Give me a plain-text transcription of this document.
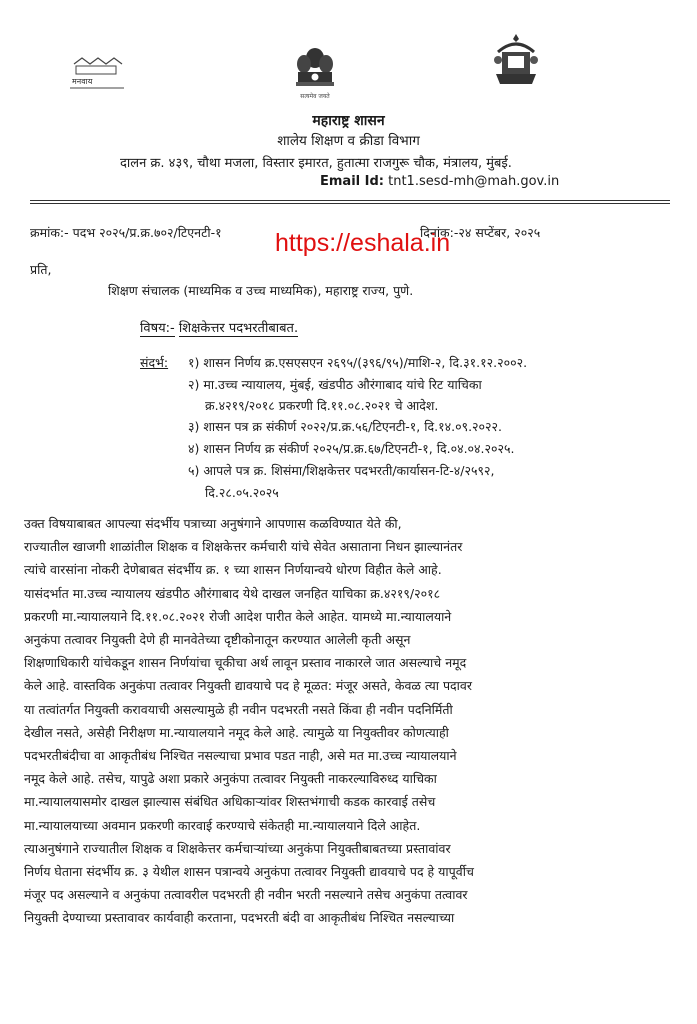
मनवाय
सत्यमेव जयते
महाराष्ट्र शासन
शालेय शिक्षण व क्रीडा विभाग
दालन क्र. ४३९, चौथा मजला, विस्तार इमारत, हुतात्मा राजगुरू चौक, मंत्रालय, मुंबई.
Email Id: tnt1.sesd-mh@mah.gov.in
क्रमांक:- पदभ २०२५/प्र.क्र.७०२/टिएनटी-१	दिनांक:-२४ सप्टेंबर, २०२५
https://eshala.in
प्रति,
शिक्षण संचालक (माध्यमिक व उच्च माध्यमिक), महाराष्ट्र राज्य, पुणे.
विषय:- शिक्षकेत्तर पदभरतीबाबत.
संदर्भ: १) शासन निर्णय क्र.एसएसएन २६९५/(३९६/९५)/माशि-२, दि.३१.१२.२००२.
२) मा.उच्च न्यायालय, मुंबई, खंडपीठ औरंगाबाद यांचे रिट याचिका
क्र.४२१९/२०१८ प्रकरणी दि.११.०८.२०२१ चे आदेश.
३) शासन पत्र क्र संकीर्ण २०२२/प्र.क्र.५६/टिएनटी-१, दि.१४.०९.२०२२.
४) शासन निर्णय क्र संकीर्ण २०२५/प्र.क्र.६७/टिएनटी-१, दि.०४.०४.२०२५.
५) आपले पत्र क्र. शिसंमा/शिक्षकेत्तर पदभरती/कार्यासन-टि-४/२५९२,
दि.२८.०५.२०२५
उक्त विषयाबाबत आपल्या संदर्भीय पत्राच्या अनुषंगाने आपणास कळविण्यात येते की,
राज्यातील खाजगी शाळांतील शिक्षक व शिक्षकेत्तर कर्मचारी यांचे सेवेत असाताना निधन झाल्यानंतर
त्यांचे वारसांना नोकरी देणेबाबत संदर्भीय क्र. १ च्या शासन निर्णयान्वये धोरण विहीत केले आहे.
यासंदर्भात मा.उच्च न्यायालय खंडपीठ औरंगाबाद येथे दाखल जनहित याचिका क्र.४२१९/२०१८
प्रकरणी मा.न्यायालयाने दि.११.०८.२०२१ रोजी आदेश पारीत केले आहेत. यामध्ये मा.न्यायालयाने
अनुकंपा तत्वावर नियुक्ती देणे ही मानवेतेच्या दृष्टीकोनातून करण्यात आलेली कृती असून
शिक्षणाधिकारी यांचेकडून शासन निर्णयांचा चूकीचा अर्थ लावून प्रस्ताव नाकारले जात असल्याचे नमूद
केले आहे. वास्तविक अनुकंपा तत्वावर नियुक्ती द्यावयाचे पद हे मूळत: मंजूर असते, केवळ त्या पदावर
या तत्वांतर्गत नियुक्ती करावयाची असल्यामुळे ही नवीन पदभरती नसते किंवा ही नवीन पदनिर्मिती
देखील नसते, असेही निरीक्षण मा.न्यायालयाने नमूद केले आहे. त्यामुळे या नियुक्तीवर कोणत्याही
पदभरतीबंदीचा वा आकृतीबंध निश्चित नसल्याचा प्रभाव पडत नाही, असे मत मा.उच्च न्यायालयाने
नमूद केले आहे. तसेच, यापुढे अशा प्रकारे अनुकंपा तत्वावर नियुक्ती नाकरल्याविरुध्द याचिका
मा.न्यायालयासमोर दाखल झाल्यास संबंधित अधिकाऱ्यांवर शिस्तभंगाची कडक कारवाई तसेच
मा.न्यायालयाच्या अवमान प्रकरणी कारवाई करण्याचे संकेतही मा.न्यायालयाने दिले आहेत.
त्याअनुषंगाने राज्यातील शिक्षक व शिक्षकेत्तर कर्मचाऱ्यांच्या अनुकंपा नियुक्तीबाबतच्या प्रस्तावांवर
निर्णय घेताना संदर्भीय क्र. ३ येथील शासन पत्रान्वये अनुकंपा तत्वावर नियुक्ती द्यावयाचे पद हे यापूर्वीच
मंजूर पद असल्याने व अनुकंपा तत्वावरील पदभरती ही नवीन भरती नसल्याने तसेच अनुकंपा तत्वावर
नियुक्ती देण्याच्या प्रस्तावावर कार्यवाही करताना, पदभरती बंदी वा आकृतीबंध निश्चित नसल्याच्या
